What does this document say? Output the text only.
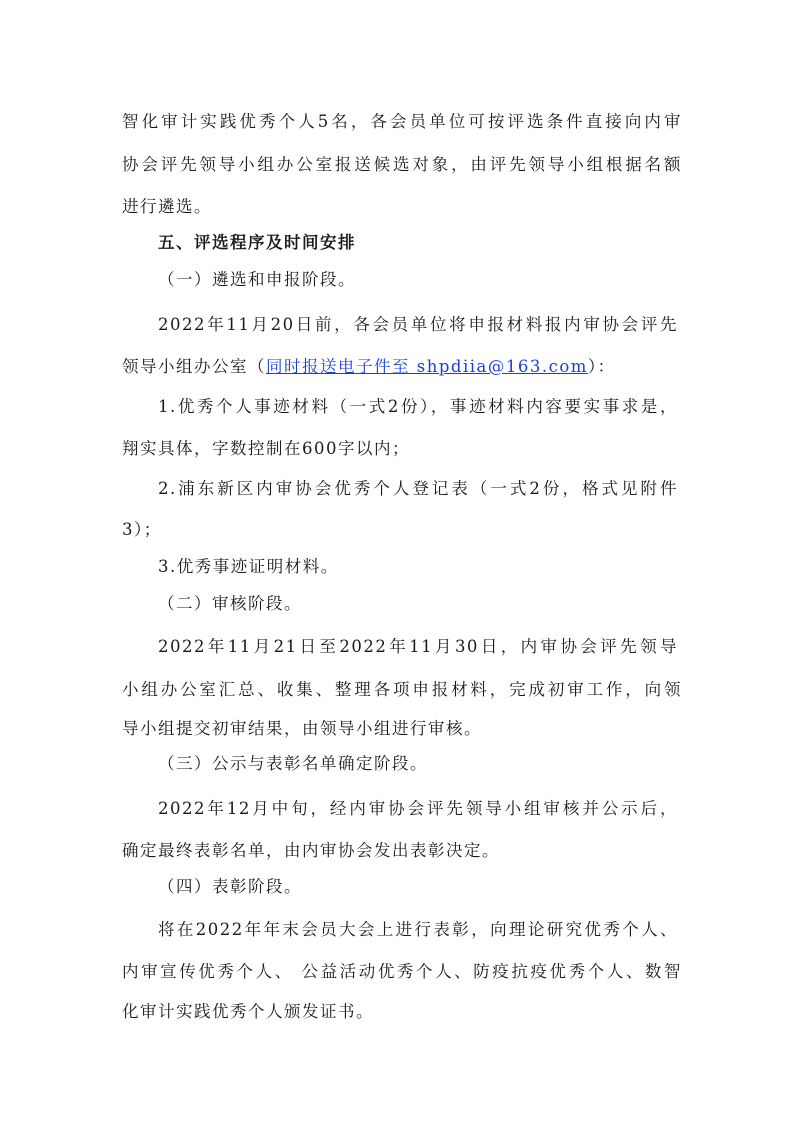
智化审计实践优秀个人5名，各会员单位可按评选条件直接向内审
协会评先领导小组办公室报送候选对象，由评先领导小组根据名额
进行遴选。
五、评选程序及时间安排
（一）遴选和申报阶段。
2022年11月20日前，各会员单位将申报材料报内审协会评先
领导小组办公室（同时报送电子件至 shpdiia@163.com）：
1.优秀个人事迹材料（一式2份），事迹材料内容要实事求是，
翔实具体，字数控制在600字以内；
2.浦东新区内审协会优秀个人登记表（一式2份，格式见附件
3）；
3.优秀事迹证明材料。
（二）审核阶段。
2022年11月21日至2022年11月30日，内审协会评先领导
小组办公室汇总、收集、整理各项申报材料，完成初审工作，向领
导小组提交初审结果，由领导小组进行审核。
（三）公示与表彰名单确定阶段。
2022年12月中旬，经内审协会评先领导小组审核并公示后，
确定最终表彰名单，由内审协会发出表彰决定。
（四）表彰阶段。
将在2022年年末会员大会上进行表彰，向理论研究优秀个人、
内审宣传优秀个人、 公益活动优秀个人、防疫抗疫优秀个人、数智
化审计实践优秀个人颁发证书。
